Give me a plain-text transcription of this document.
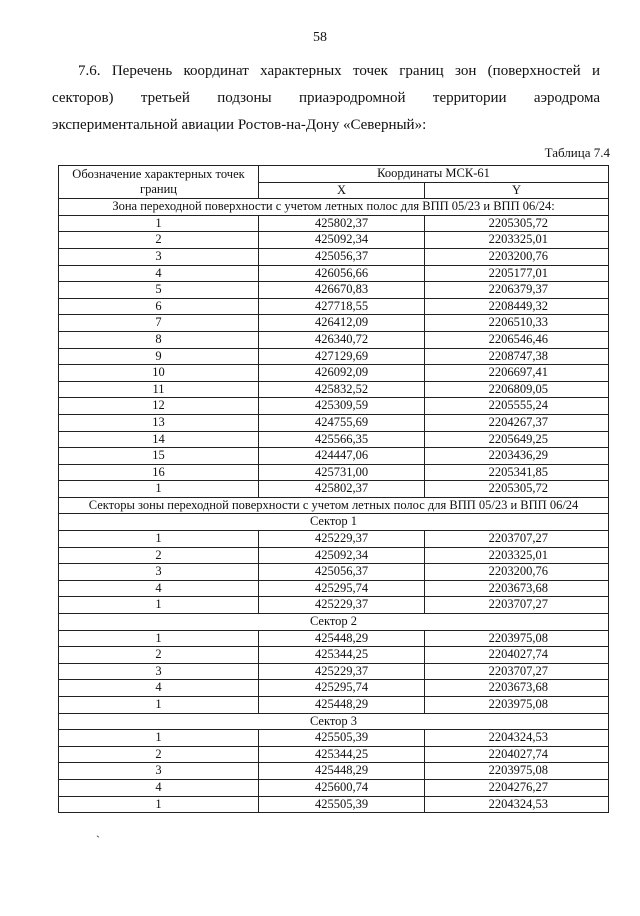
58
7.6. Перечень координат характерных точек границ зон (поверхностей и секторов) третьей подзоны приаэродромной территории аэродрома экспериментальной авиации Ростов-на-Дону «Северный»:
Таблица 7.4
Обозначение характерных точек границ	Координаты МСК-61	
	X	Y
Зона переходной поверхности с учетом летных полос для ВПП 05/23 и ВПП 06/24:		
1	425802,37	2205305,72
2	425092,34	2203325,01
3	425056,37	2203200,76
4	426056,66	2205177,01
5	426670,83	2206379,37
6	427718,55	2208449,32
7	426412,09	2206510,33
8	426340,72	2206546,46
9	427129,69	2208747,38
10	426092,09	2206697,41
11	425832,52	2206809,05
12	425309,59	2205555,24
13	424755,69	2204267,37
14	425566,35	2205649,25
15	424447,06	2203436,29
16	425731,00	2205341,85
1	425802,37	2205305,72
Секторы зоны переходной поверхности с учетом летных полос для ВПП 05/23 и ВПП 06/24		
Сектор 1		
1	425229,37	2203707,27
2	425092,34	2203325,01
3	425056,37	2203200,76
4	425295,74	2203673,68
1	425229,37	2203707,27
Сектор 2		
1	425448,29	2203975,08
2	425344,25	2204027,74
3	425229,37	2203707,27
4	425295,74	2203673,68
1	425448,29	2203975,08
Сектор 3		
1	425505,39	2204324,53
2	425344,25	2204027,74
3	425448,29	2203975,08
4	425600,74	2204276,27
1	425505,39	2204324,53
ˎ
